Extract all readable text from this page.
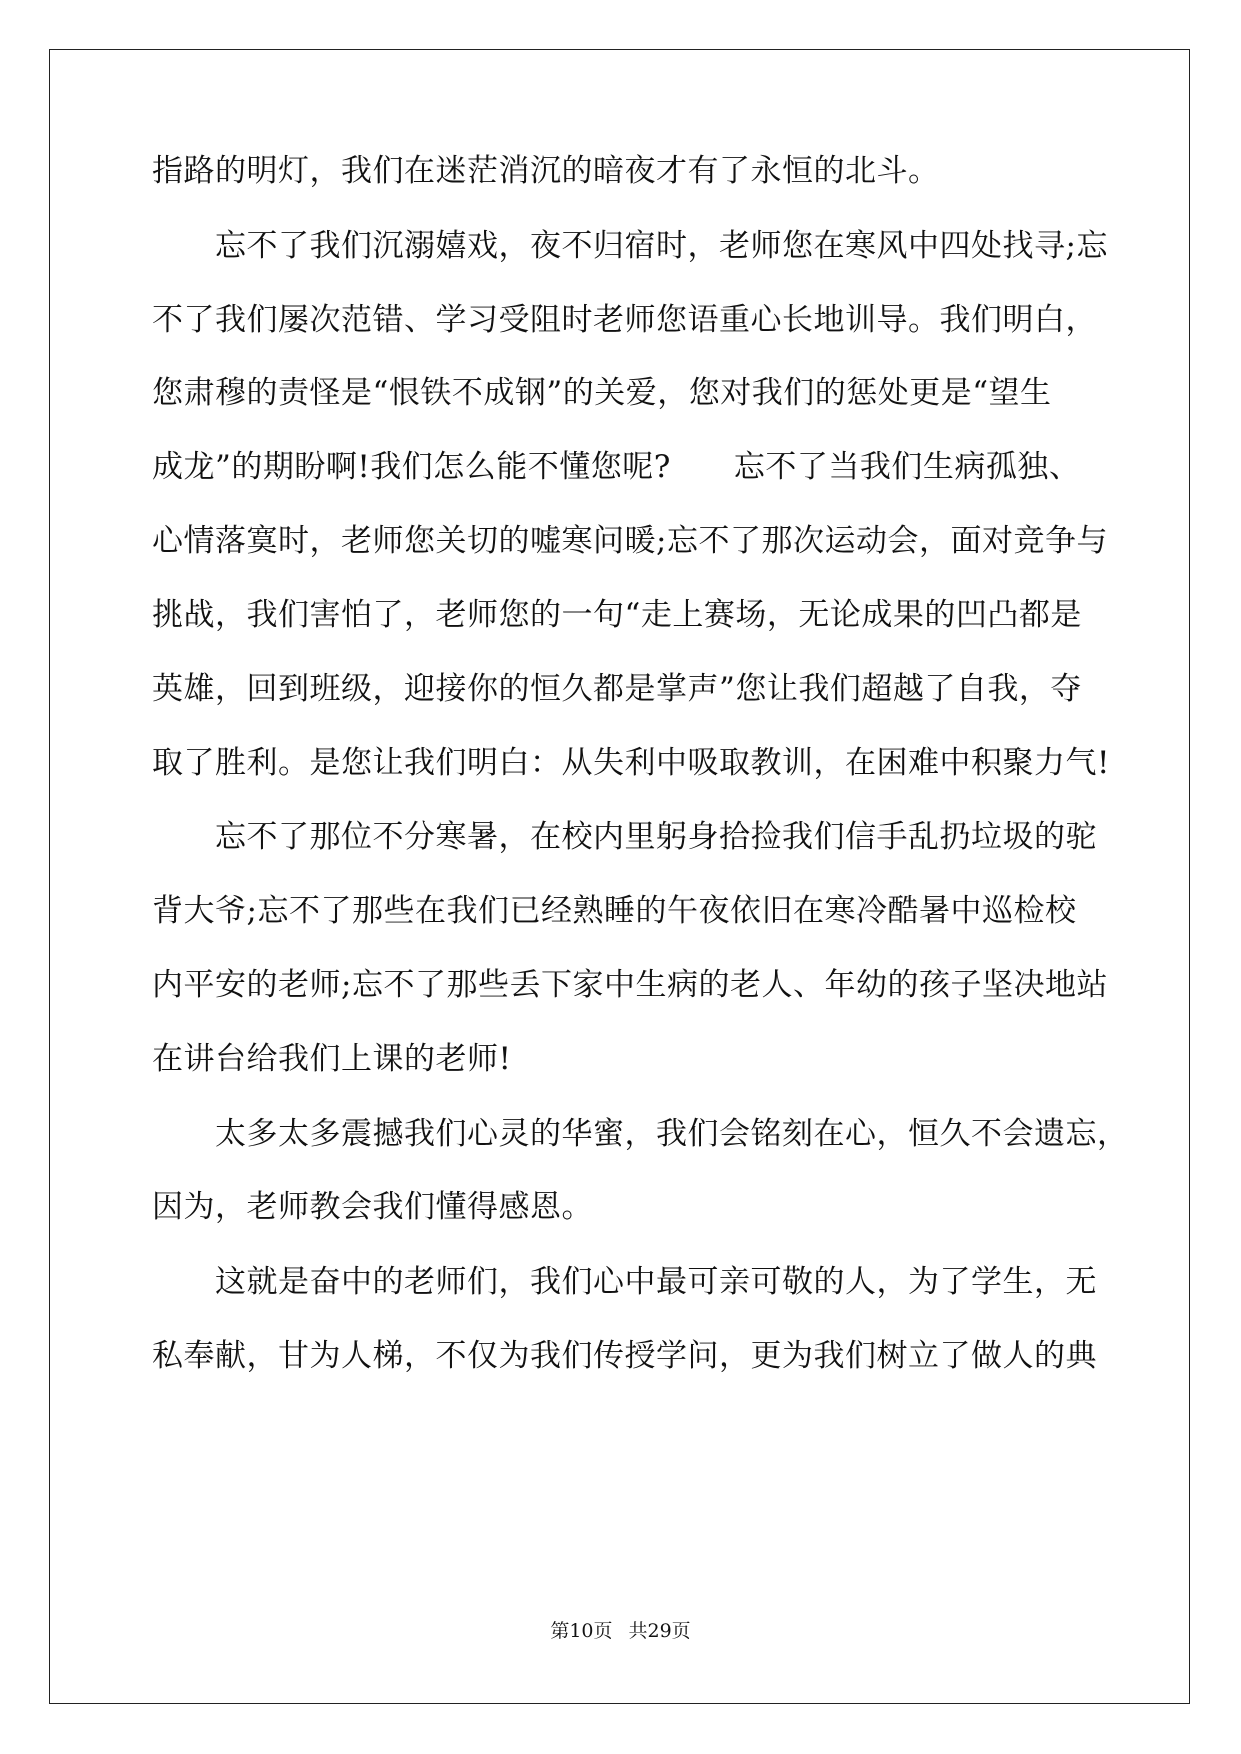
指路的明灯，我们在迷茫消沉的暗夜才有了永恒的北斗。
　　忘不了我们沉溺嬉戏，夜不归宿时，老师您在寒风中四处找寻;忘
不了我们屡次范错、学习受阻时老师您语重心长地训导。我们明白，
您肃穆的责怪是“恨铁不成钢”的关爱，您对我们的惩处更是“望生
成龙”的期盼啊!我们怎么能不懂您呢?　　忘不了当我们生病孤独、
心情落寞时，老师您关切的嘘寒问暖;忘不了那次运动会，面对竞争与
挑战，我们害怕了，老师您的一句“走上赛场，无论成果的凹凸都是
英雄，回到班级，迎接你的恒久都是掌声”您让我们超越了自我，夺
取了胜利。是您让我们明白：从失利中吸取教训，在困难中积聚力气!
　　忘不了那位不分寒暑，在校内里躬身拾捡我们信手乱扔垃圾的驼
背大爷;忘不了那些在我们已经熟睡的午夜依旧在寒冷酷暑中巡检校
内平安的老师;忘不了那些丢下家中生病的老人、年幼的孩子坚决地站
在讲台给我们上课的老师!
　　太多太多震撼我们心灵的华蜜，我们会铭刻在心，恒久不会遗忘，
因为，老师教会我们懂得感恩。
　　这就是奋中的老师们，我们心中最可亲可敬的人，为了学生，无
私奉献，甘为人梯，不仅为我们传授学问，更为我们树立了做人的典
第10页 共29页
